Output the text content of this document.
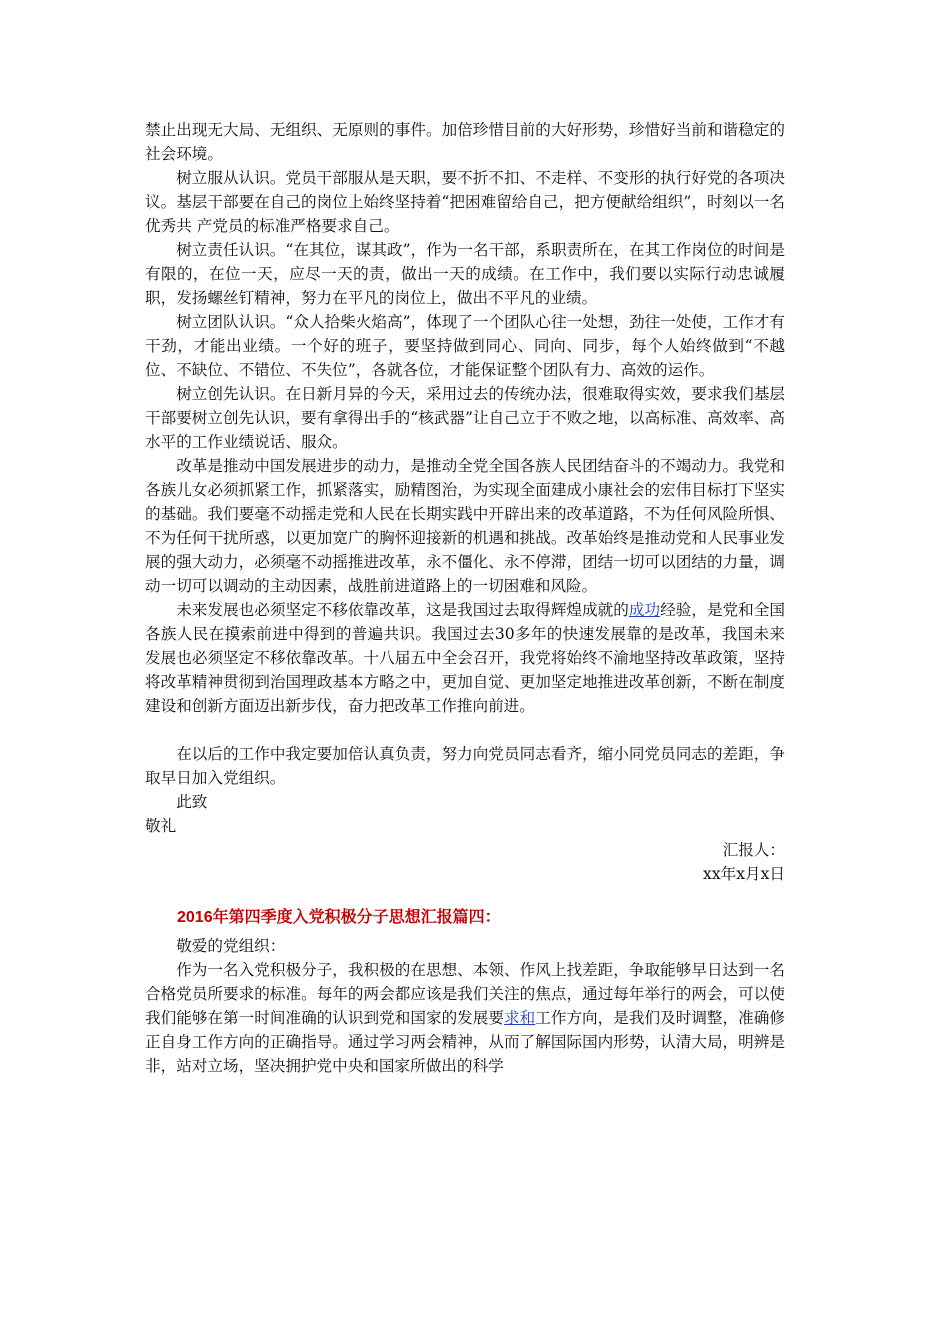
禁止出现无大局、无组织、无原则的事件。加倍珍惜目前的大好形势，珍惜好当前和谐稳定的社会环境。

树立服从认识。党员干部服从是天职，要不折不扣、不走样、不变形的执行好党的各项决议。基层干部要在自己的岗位上始终坚持着“把困难留给自己，把方便献给组织”，时刻以一名优秀共 产党员的标准严格要求自己。

树立责任认识。“在其位，谋其政”，作为一名干部，系职责所在，在其工作岗位的时间是有限的，在位一天，应尽一天的责，做出一天的成绩。在工作中，我们要以实际行动忠诚履职，发扬螺丝钉精神，努力在平凡的岗位上，做出不平凡的业绩。

树立团队认识。“众人拾柴火焰高”，体现了一个团队心往一处想，劲往一处使，工作才有干劲，才能出业绩。一个好的班子，要坚持做到同心、同向、同步，每个人始终做到“不越位、不缺位、不错位、不失位”，各就各位，才能保证整个团队有力、高效的运作。

树立创先认识。在日新月异的今天，采用过去的传统办法，很难取得实效，要求我们基层干部要树立创先认识，要有拿得出手的“核武器”让自己立于不败之地，以高标准、高效率、高水平的工作业绩说话、服众。

改革是推动中国发展进步的动力，是推动全党全国各族人民团结奋斗的不竭动力。我党和各族儿女必须抓紧工作，抓紧落实，励精图治，为实现全面建成小康社会的宏伟目标打下坚实的基础。我们要毫不动摇走党和人民在长期实践中开辟出来的改革道路，不为任何风险所惧、不为任何干扰所惑，以更加宽广的胸怀迎接新的机遇和挑战。改革始终是推动党和人民事业发展的强大动力，必须毫不动摇推进改革，永不僵化、永不停滞，团结一切可以团结的力量，调动一切可以调动的主动因素，战胜前进道路上的一切困难和风险。

未来发展也必须坚定不移依靠改革，这是我国过去取得辉煌成就的成功经验，是党和全国各族人民在摸索前进中得到的普遍共识。我国过去30多年的快速发展靠的是改革，我国未来发展也必须坚定不移依靠改革。十八届五中全会召开，我党将始终不渝地坚持改革政策，坚持将改革精神贯彻到治国理政基本方略之中，更加自觉、更加坚定地推进改革创新，不断在制度建设和创新方面迈出新步伐，奋力把改革工作推向前进。

在以后的工作中我定要加倍认真负责，努力向党员同志看齐，缩小同党员同志的差距，争取早日加入党组织。

此致

敬礼

汇报人：

xx年x月x日

2016年第四季度入党积极分子思想汇报篇四：

敬爱的党组织：

作为一名入党积极分子，我积极的在思想、本领、作风上找差距，争取能够早日达到一名合格党员所要求的标准。每年的两会都应该是我们关注的焦点，通过每年举行的两会，可以使我们能够在第一时间准确的认识到党和国家的发展要求和工作方向，是我们及时调整，准确修正自身工作方向的正确指导。通过学习两会精神，从而了解国际国内形势，认清大局，明辨是非，站对立场，坚决拥护党中央和国家所做出的科学
